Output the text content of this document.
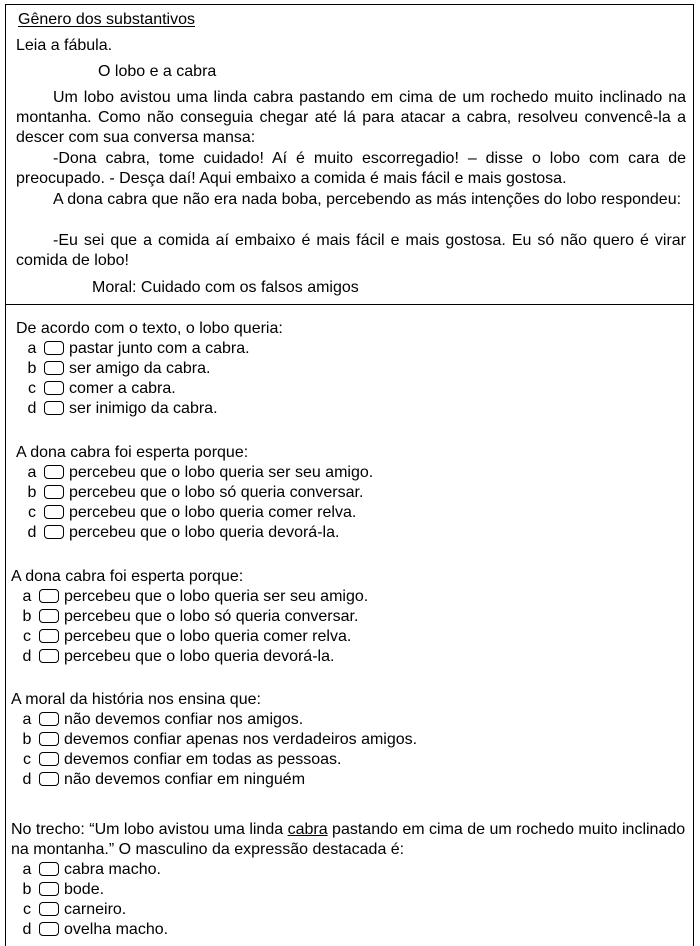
Gênero dos substantivos
Leia a fábula.
O lobo e a cabra
Um lobo avistou uma linda cabra pastando em cima de um rochedo muito inclinado na montanha. Como não conseguia chegar até lá para atacar a cabra, resolveu convencê-la a descer com sua conversa mansa:
-Dona cabra, tome cuidado! Aí é muito escorregadio! – disse o lobo com cara de preocupado. - Desça daí! Aqui embaixo a comida é mais fácil e mais gostosa.
A dona cabra que não era nada boba, percebendo as más intenções do lobo respondeu:
-Eu sei que a comida aí embaixo é mais fácil e mais gostosa. Eu só não quero é virar comida de lobo!
Moral: Cuidado com os falsos amigos
De acordo com o texto, o lobo queria:
a pastar junto com a cabra.
b ser amigo da cabra.
c comer a cabra.
d ser inimigo da cabra.
A dona cabra foi esperta porque:
a percebeu que o lobo queria ser seu amigo.
b percebeu que o lobo só queria conversar.
c percebeu que o lobo queria comer relva.
d percebeu que o lobo queria devorá-la.
A dona cabra foi esperta porque:
a percebeu que o lobo queria ser seu amigo.
b percebeu que o lobo só queria conversar.
c percebeu que o lobo queria comer relva.
d percebeu que o lobo queria devorá-la.
A moral da história nos ensina que:
a não devemos confiar nos amigos.
b devemos confiar apenas nos verdadeiros amigos.
c devemos confiar em todas as pessoas.
d não devemos confiar em ninguém
No trecho: “Um lobo avistou uma linda cabra pastando em cima de um rochedo muito inclinado na montanha.” O masculino da expressão destacada é:
a cabra macho.
b bode.
c carneiro.
d ovelha macho.
